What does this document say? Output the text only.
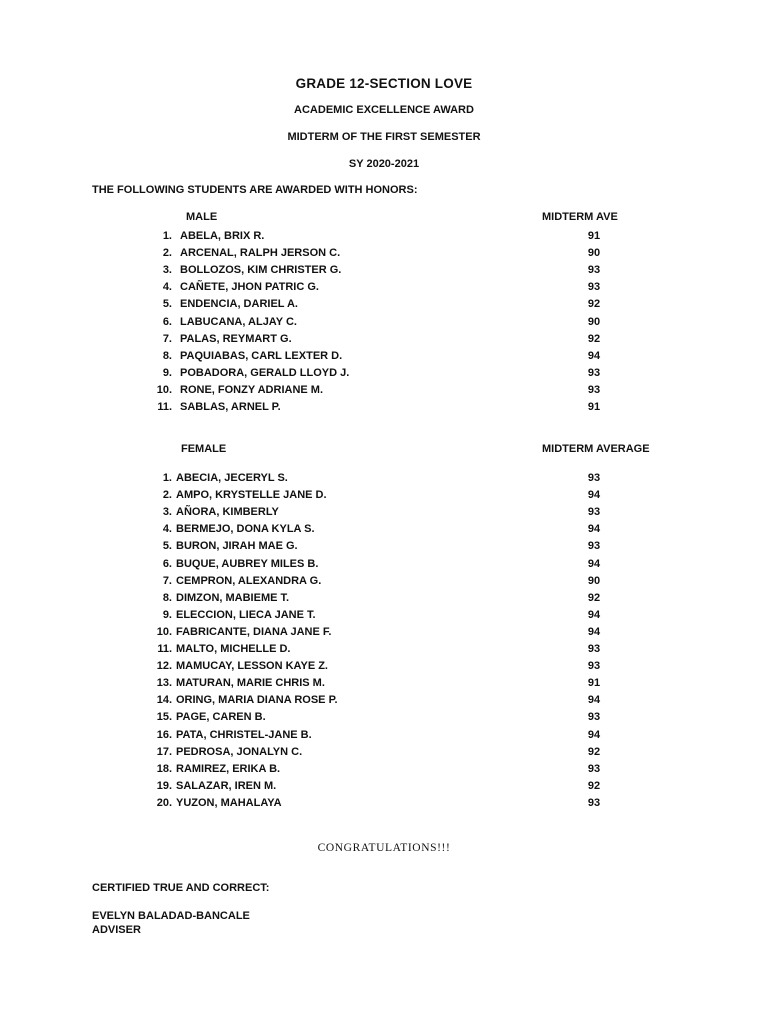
GRADE 12-SECTION LOVE
ACADEMIC EXCELLENCE AWARD
MIDTERM OF THE FIRST SEMESTER
SY 2020-2021
THE FOLLOWING STUDENTS ARE AWARDED WITH HONORS:
MALE	MIDTERM AVE
1. ABELA, BRIX R.	91
2. ARCENAL, RALPH JERSON C.	90
3. BOLLOZOS, KIM CHRISTER G.	93
4. CAÑETE, JHON PATRIC G.	93
5. ENDENCIA, DARIEL A.	92
6. LABUCANA, ALJAY C.	90
7. PALAS, REYMART G.	92
8. PAQUIABAS, CARL LEXTER D.	94
9. POBADORA, GERALD LLOYD J.	93
10. RONE, FONZY ADRIANE M.	93
11. SABLAS, ARNEL P.	91
FEMALE	MIDTERM AVERAGE
1. ABECIA, JECERYL S.	93
2. AMPO, KRYSTELLE JANE D.	94
3. AÑORA, KIMBERLY	93
4. BERMEJO, DONA KYLA S.	94
5. BURON, JIRAH MAE G.	93
6. BUQUE, AUBREY MILES B.	94
7. CEMPRON, ALEXANDRA G.	90
8. DIMZON, MABIEME T.	92
9. ELECCION, LIECA JANE T.	94
10. FABRICANTE, DIANA JANE F.	94
11. MALTO, MICHELLE D.	93
12. MAMUCAY, LESSON KAYE Z.	93
13. MATURAN, MARIE CHRIS M.	91
14. ORING, MARIA DIANA ROSE P.	94
15. PAGE, CAREN B.	93
16. PATA, CHRISTEL-JANE B.	94
17. PEDROSA, JONALYN C.	92
18. RAMIREZ, ERIKA B.	93
19. SALAZAR, IREN M.	92
20. YUZON, MAHALAYA	93
CONGRATULATIONS!!!
CERTIFIED TRUE AND CORRECT:
EVELYN BALADAD-BANCALE
ADVISER
